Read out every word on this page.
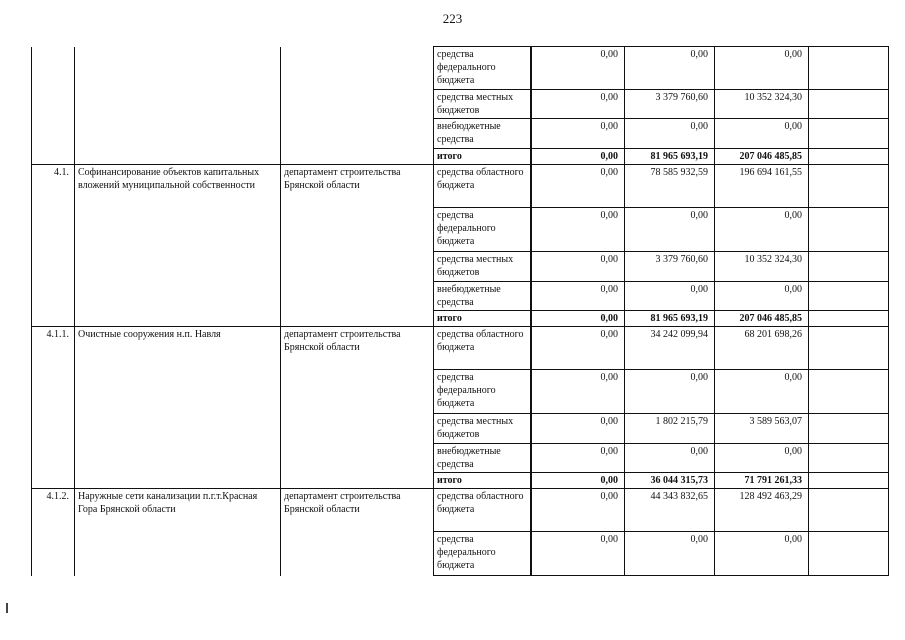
223
			средства федерального бюджета	0,00	0,00	0,00	
			средства местных бюджетов	0,00	3 379 760,60	10 352 324,30	
			внебюджетные средства	0,00	0,00	0,00	
			итого	0,00	81 965 693,19	207 046 485,85	
4.1.	Софинансирование объектов капитальных вложений муниципальной собственности	департамент строительства Брянской области	средства областного бюджета	0,00	78 585 932,59	196 694 161,55	
			средства федерального бюджета	0,00	0,00	0,00	
			средства местных бюджетов	0,00	3 379 760,60	10 352 324,30	
			внебюджетные средства	0,00	0,00	0,00	
			итого	0,00	81 965 693,19	207 046 485,85	
4.1.1.	Очистные сооружения н.п. Навля	департамент строительства Брянской области	средства областного бюджета	0,00	34 242 099,94	68 201 698,26	
			средства федерального бюджета	0,00	0,00	0,00	
			средства местных бюджетов	0,00	1 802 215,79	3 589 563,07	
			внебюджетные средства	0,00	0,00	0,00	
			итого	0,00	36 044 315,73	71 791 261,33	
4.1.2.	Наружные сети канализации п.г.т.Красная Гора Брянской области	департамент строительства Брянской области	средства областного бюджета	0,00	44 343 832,65	128 492 463,29	
			средства федерального бюджета	0,00	0,00	0,00	
